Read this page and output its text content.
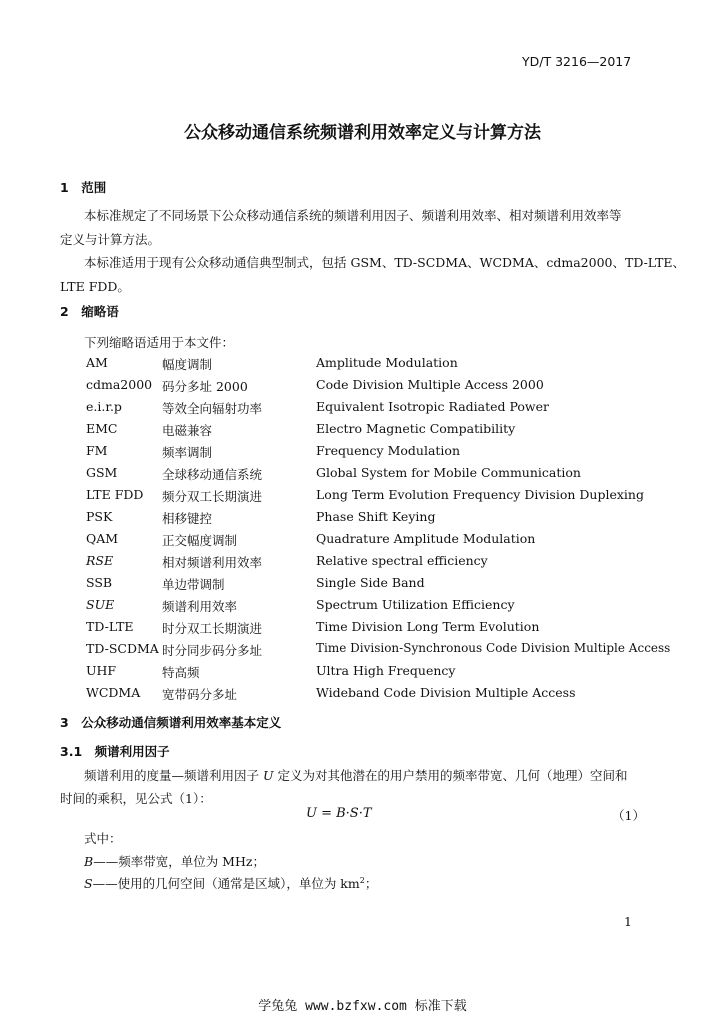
YD/T 3216—2017
公众移动通信系统频谱利用效率定义与计算方法
1　范围
本标准规定了不同场景下公众移动通信系统的频谱利用因子、频谱利用效率、相对频谱利用效率等
定义与计算方法。
本标准适用于现有公众移动通信典型制式，包括 GSM、TD-SCDMA、WCDMA、cdma2000、TD-LTE、
LTE FDD。
2　缩略语
下列缩略语适用于本文件：
AM	幅度调制	Amplitude Modulation
cdma2000 码分多址 2000	Code Division Multiple Access 2000
e.i.r.p	等效全向辐射功率	Equivalent Isotropic Radiated Power
EMC	电磁兼容	Electro Magnetic Compatibility
FM	频率调制	Frequency Modulation
GSM	全球移动通信系统	Global System for Mobile Communication
LTE FDD 频分双工长期演进	Long Term Evolution Frequency Division Duplexing
PSK	相移键控	Phase Shift Keying
QAM	正交幅度调制	Quadrature Amplitude Modulation
RSE	相对频谱利用效率	Relative spectral efficiency
SSB	单边带调制	Single Side Band
SUE	频谱利用效率	Spectrum Utilization Efficiency
TD-LTE 时分双工长期演进	Time Division Long Term Evolution
TD-SCDMA 时分同步码分多址	Time Division-Synchronous Code Division Multiple Access
UHF	特高频	Ultra High Frequency
WCDMA 宽带码分多址	Wideband Code Division Multiple Access
3　公众移动通信频谱利用效率基本定义
3.1　频谱利用因子
频谱利用的度量—频谱利用因子 U 定义为对其他潜在的用户禁用的频率带宽、几何（地理）空间和
时间的乘积，见公式（1）：
U = B·S·T	（1）
式中：
B——频率带宽，单位为 MHz；
S——使用的几何空间（通常是区域），单位为 $km^2$；
1
学兔兔 www.bzfxw.com 标准下载
